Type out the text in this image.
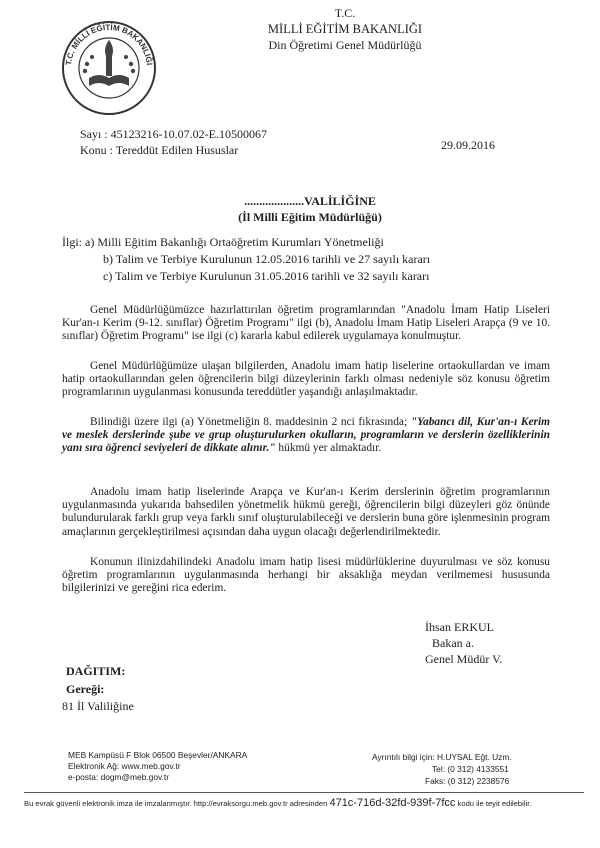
T.C. MİLLİ EĞİTİM BAKANLIĞI
T.C.
MİLLİ EĞİTİM BAKANLIĞI
Din Öğretimi Genel Müdürlüğü
Sayı : 45123216-10.07.02-E.10500067
Konu : Tereddüt Edilen Hususlar	29.09.2016
....................VALİLİĞİNE
(İl Milli Eğitim Müdürlüğü)
İlgi: a) Milli Eğitim Bakanlığı Ortaöğretim Kurumları Yönetmeliği
b) Talim ve Terbiye Kurulunun 12.05.2016 tarihli ve 27 sayılı kararı
c) Talim ve Terbiye Kurulunun 31.05.2016 tarihli ve 32 sayılı kararı
Genel Müdürlüğümüzce hazırlattırılan öğretim programlarından "Anadolu İmam Hatip Liseleri Kur'an-ı Kerim (9-12. sınıflar) Öğretim Programı" ilgi (b), Anadolu İmam Hatip Liseleri Arapça (9 ve 10. sınıflar) Öğretim Programı" ise ilgi (c) kararla kabul edilerek uygulamaya konulmuştur.
Genel Müdürlüğümüze ulaşan bilgilerden, Anadolu imam hatip liselerine ortaokullardan ve imam hatip ortaokullarından gelen öğrencilerin bilgi düzeylerinin farklı olması nedeniyle söz konusu öğretim programlarının uygulanması konusunda tereddütler yaşandığı anlaşılmaktadır.
Bilindiği üzere ilgi (a) Yönetmeliğin 8. maddesinin 2 nci fıkrasında; "Yabancı dil, Kur'an-ı Kerim ve meslek derslerinde şube ve grup oluşturulurken okulların, programların ve derslerin özelliklerinin yanı sıra öğrenci seviyeleri de dikkate alınır." hükmü yer almaktadır.
Anadolu imam hatip liselerinde Arapça ve Kur'an-ı Kerim derslerinin öğretim programlarının uygulanmasında yukarıda bahsedilen yönetmelik hükmü gereği, öğrencilerin bilgi düzeyleri göz önünde bulundurularak farklı grup veya farklı sınıf oluşturulabileceği ve derslerin buna göre işlenmesinin program amaçlarının gerçekleştirilmesi açısından daha uygun olacağı değerlendirilmektedir.
Konunun ilinizdahilindeki Anadolu imam hatip lisesi müdürlüklerine duyurulması ve söz konusu öğretim programlarının uygulanmasında herhangi bir aksaklığa meydan verilmemesi hususunda bilgilerinizi ve gereğini rica ederim.
İhsan ERKUL
Bakan a.
Genel Müdür V.
DAĞITIM:
Gereği:
81 İl Valiliğine
MEB Kampüsü F Blok 06500 Beşevler/ANKARA
Elektronik Ağ: www.meb.gov.tr
e-posta: dogm@meb.gov.tr
Ayrıntılı bilgi için: H.UYSAL Eğt. Uzm.
Tel: (0 312) 4133551
Faks: (0 312) 2238576
Bu evrak güvenli elektronik imza ile imzalanmıştır. http://evraksorgu.meb.gov.tr adresinden 471c-716d-32fd-939f-7fcc kodu ile teyit edilebilir.
